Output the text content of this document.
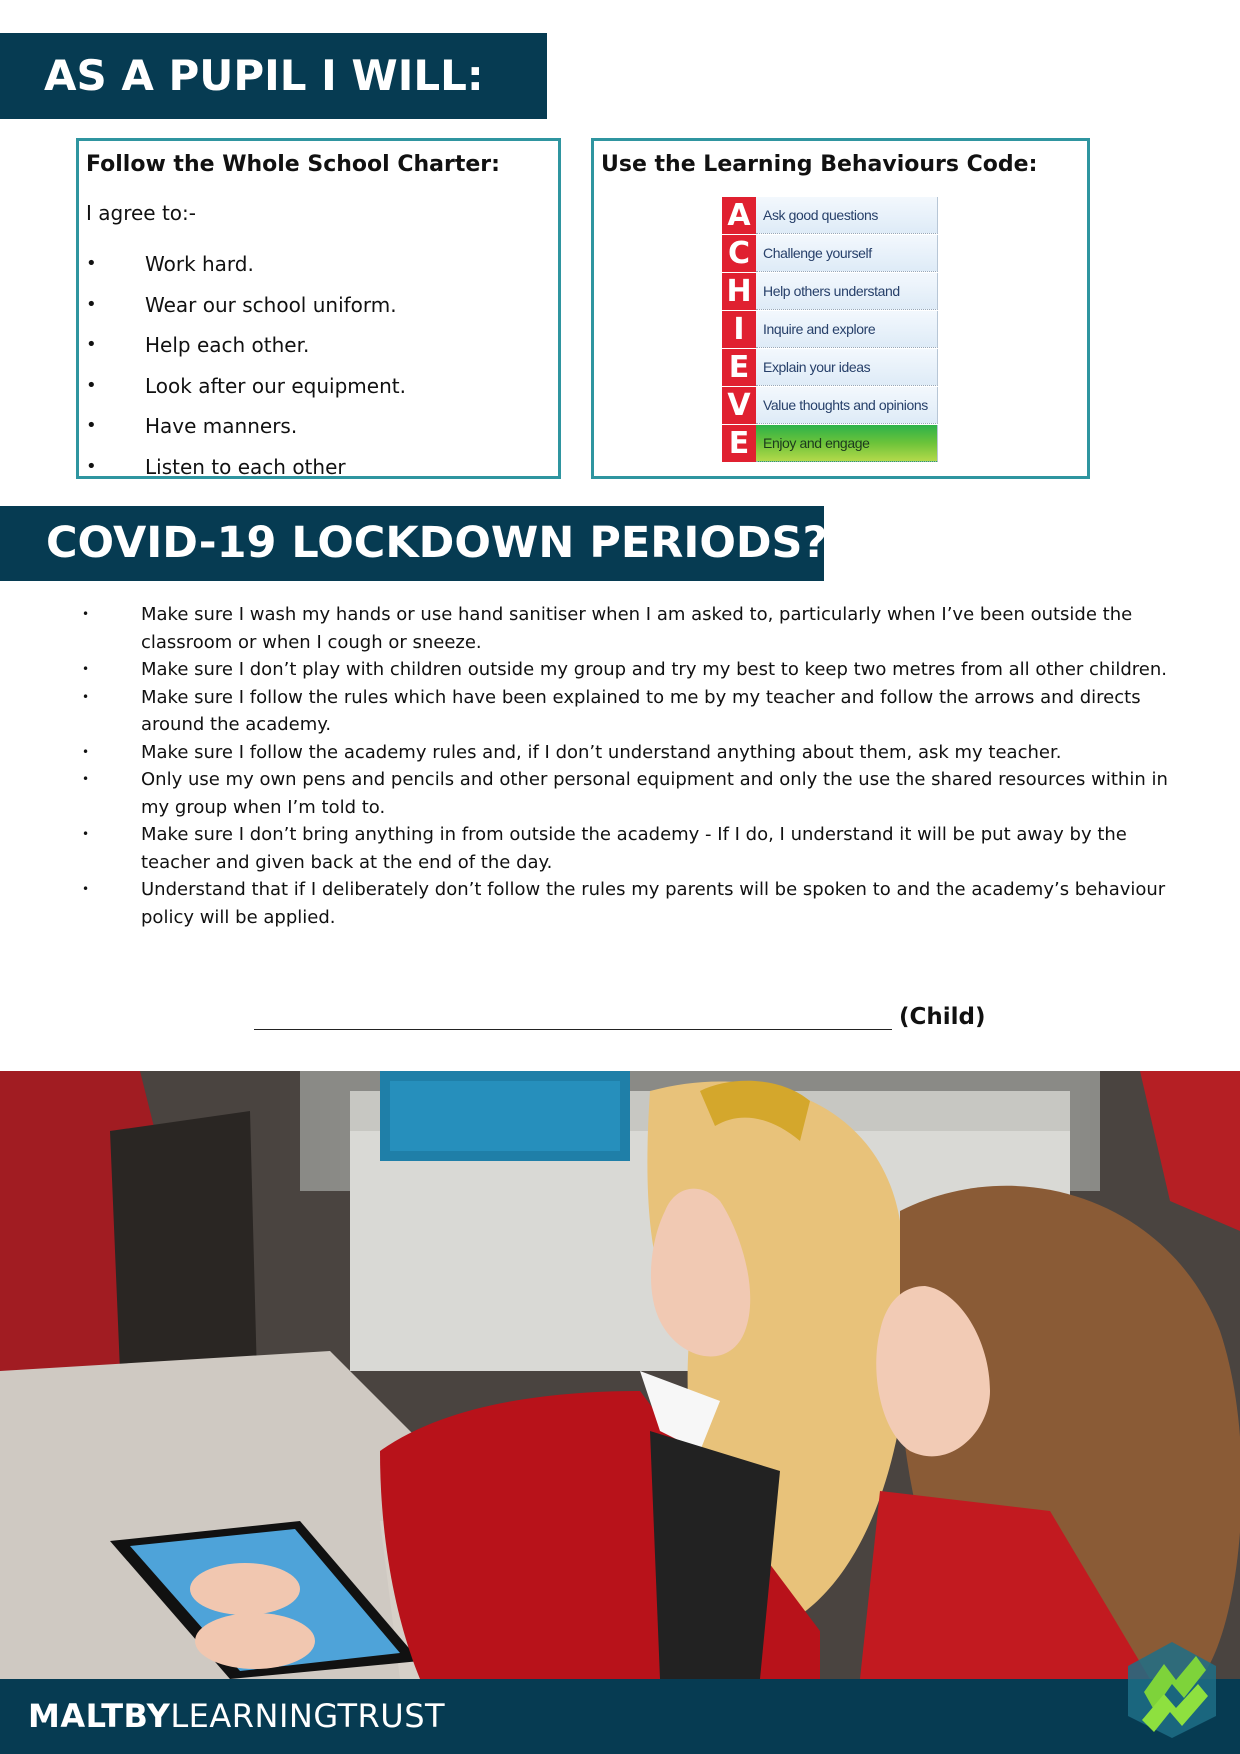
AS A PUPIL I WILL:
Follow the Whole School Charter:
I agree to:-
• Work hard.
• Wear our school uniform.
• Help each other.
• Look after our equipment.
• Have manners.
• Listen to each other
Use the Learning Behaviours Code:
A Ask good questions
C Challenge yourself
H Help others understand
I	Inquire and explore
E Explain your ideas
V Value thoughts and opinions
E Enjoy and engage
COVID-19 LOCKDOWN PERIODS?
•	Make sure I wash my hands or use hand sanitiser when I am asked to, particularly when I’ve been outside the classroom or when I cough or sneeze.
•	Make sure I don’t play with children outside my group and try my best to keep two metres from all other children.
•	Make sure I follow the rules which have been explained to me by my teacher and follow the arrows and directs around the academy.
•	Make sure I follow the academy rules and, if I don’t understand anything about them, ask my teacher.
•	Only use my own pens and pencils and other personal equipment and only the use the shared resources within in my group when I’m told to.
•	Make sure I don’t bring anything in from outside the academy - If I do, I understand it will be put away by the teacher and given back at the end of the day.
•	Understand that if I deliberately don’t follow the rules my parents will be spoken to and the academy’s behaviour policy will be applied.
(Child)
MALTBYLEARNINGTRUST
